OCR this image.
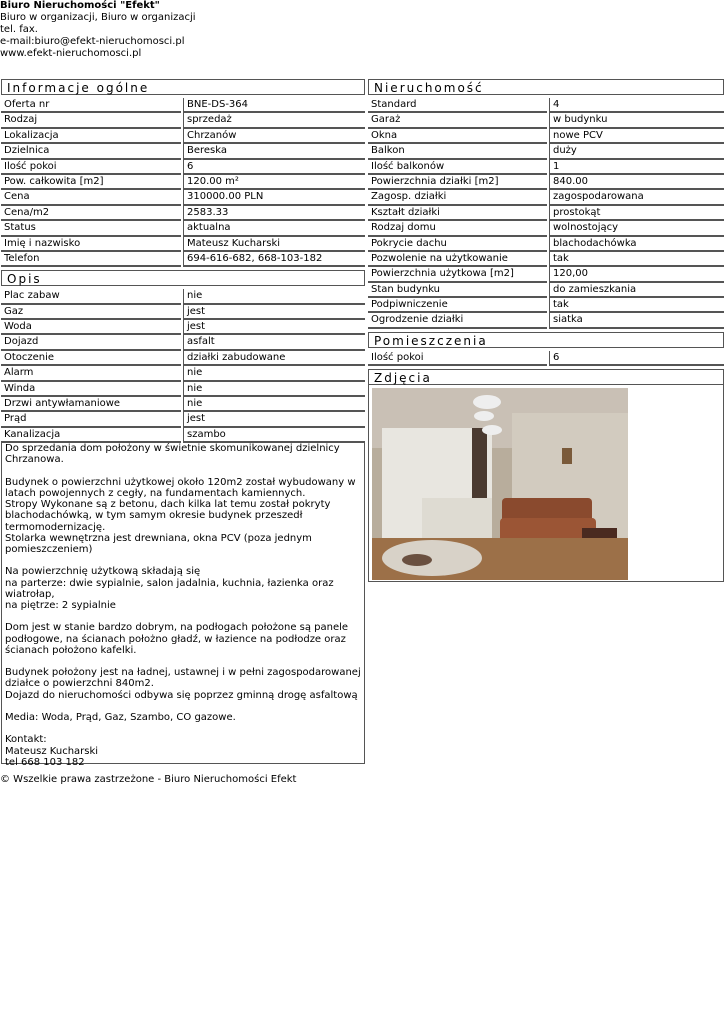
Biuro Nieruchomości "Efekt"
Biuro w organizacji, Biuro w organizacji
tel. fax.
e-mail:biuro@efekt-nieruchomosci.pl
www.efekt-nieruchomosci.pl
Informacje ogólne
Oferta nr	BNE-DS-364
Rodzaj	sprzedaż
Lokalizacja	Chrzanów
Dzielnica	Bereska
Ilość pokoi	6
Pow. całkowita [m2]	120.00 m²
Cena	310000.00 PLN
Cena/m2	2583.33
Status	aktualna
Imię i nazwisko	Mateusz Kucharski
Telefon	694-616-682, 668-103-182
Opis
Plac zabaw	nie
Gaz	jest
Woda	jest
Dojazd	asfalt
Otoczenie	działki zabudowane
Alarm	nie
Winda	nie
Drzwi antywłamaniowe	nie
Prąd	jest
Kanalizacja	szambo
Do sprzedania dom położony w świetnie skomunikowanej dzielnicy Chrzanowa.

Budynek o powierzchni użytkowej około 120m2 został wybudowany w latach powojennych z cegły, na fundamentach kamiennych.
Stropy Wykonane są z betonu, dach kilka lat temu został pokryty blachodachówką, w tym samym okresie budynek przeszedł termomodernizację.
Stolarka wewnętrzna jest drewniana, okna PCV (poza jednym pomieszczeniem)

Na powierzchnię użytkową składają się
na parterze: dwie sypialnie, salon jadalnia, kuchnia, łazienka oraz wiatrołap,
na piętrze: 2 sypialnie

Dom jest w stanie bardzo dobrym, na podłogach położone są panele podłogowe, na ścianach położno gładź, w łazience na podłodze oraz ścianach położono kafelki.

Budynek położony jest na ładnej, ustawnej i w pełni zagospodarowanej działce o powierzchni 840m2.
Dojazd do nieruchomości odbywa się poprzez gminną drogę asfaltową

Media: Woda, Prąd, Gaz, Szambo, CO gazowe.

Kontakt:
Mateusz Kucharski
tel 668 103 182
Nieruchomość
Standard	4
Garaż	w budynku
Okna	nowe PCV
Balkon	duży
Ilość balkonów	1
Powierzchnia działki [m2]	840.00
Zagosp. działki	zagospodarowana
Kształt działki	prostokąt
Rodzaj domu	wolnostojący
Pokrycie dachu	blachodachówka
Pozwolenie na użytkowanie	tak
Powierzchnia użytkowa [m2]	120,00
Stan budynku	do zamieszkania
Podpiwniczenie	tak
Ogrodzenie działki	siatka
Pomieszczenia
Ilość pokoi	6
Zdjęcia
© Wszelkie prawa zastrzeżone - Biuro Nieruchomości Efekt
